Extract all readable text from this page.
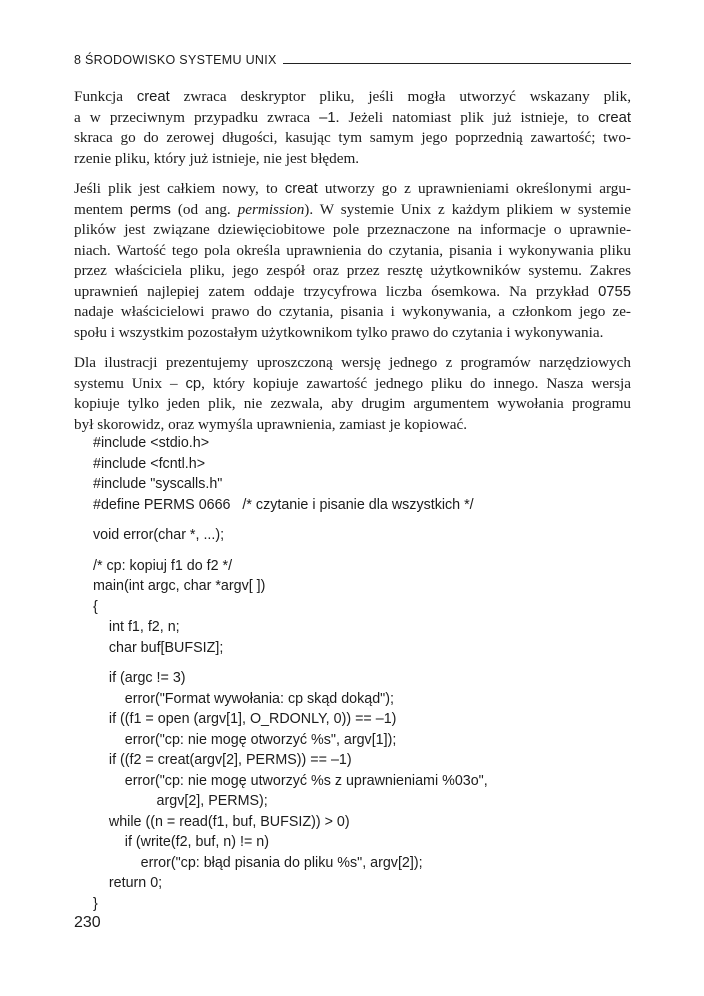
8 ŚRODOWISKO SYSTEMU UNIX
Funkcja creat zwraca deskryptor pliku, jeśli mogła utworzyć wskazany plik,
a w przeciwnym przypadku zwraca –1. Jeżeli natomiast plik już istnieje, to creat
skraca go do zerowej długości, kasując tym samym jego poprzednią zawartość; two-
rzenie pliku, który już istnieje, nie jest błędem.
Jeśli plik jest całkiem nowy, to creat utworzy go z uprawnieniami określonymi argu-
mentem perms (od ang. permission). W systemie Unix z każdym plikiem w systemie
plików jest związane dziewięciobitowe pole przeznaczone na informacje o uprawnie-
niach. Wartość tego pola określa uprawnienia do czytania, pisania i wykonywania pliku
przez właściciela pliku, jego zespół oraz przez resztę użytkowników systemu. Zakres
uprawnień najlepiej zatem oddaje trzycyfrowa liczba ósemkowa. Na przykład 0755
nadaje właścicielowi prawo do czytania, pisania i wykonywania, a członkom jego ze-
społu i wszystkim pozostałym użytkownikom tylko prawo do czytania i wykonywania.
Dla ilustracji prezentujemy uproszczoną wersję jednego z programów narzędziowych
systemu Unix – cp, który kopiuje zawartość jednego pliku do innego. Nasza wersja
kopiuje tylko jeden plik, nie zezwala, aby drugim argumentem wywołania programu
był skorowidz, oraz wymyśla uprawnienia, zamiast je kopiować.
#include <stdio.h>
#include <fcntl.h>
#include "syscalls.h"
#define PERMS 0666   /* czytanie i pisanie dla wszystkich */
void error(char *, ...);
/* cp: kopiuj f1 do f2 */
main(int argc, char *argv[ ])
{
int f1, f2, n;
char buf[BUFSIZ];
if (argc != 3)
error("Format wywołania: cp skąd dokąd");
if ((f1 = open (argv[1], O_RDONLY, 0)) == –1)
error("cp: nie mogę otworzyć %s", argv[1]);
if ((f2 = creat(argv[2], PERMS)) == –1)
error("cp: nie mogę utworzyć %s z uprawnieniami %03o",
argv[2], PERMS);
while ((n = read(f1, buf, BUFSIZ)) > 0)
if (write(f2, buf, n) != n)
error("cp: błąd pisania do pliku %s", argv[2]);
return 0;
}
230
